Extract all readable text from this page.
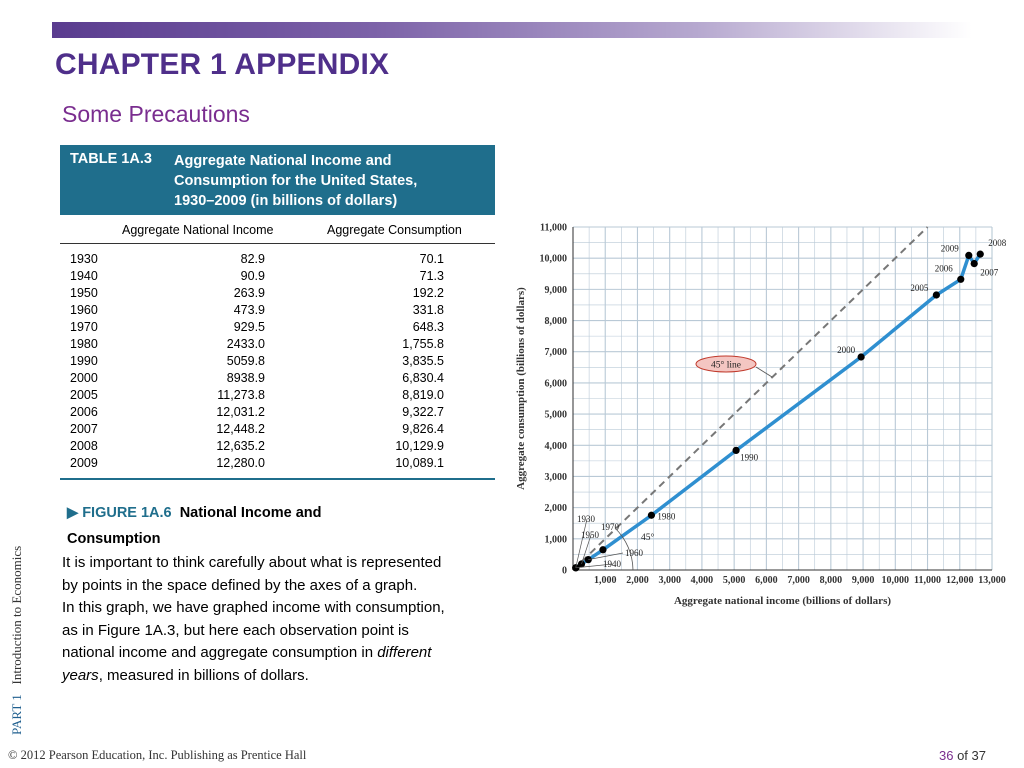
CHAPTER 1 APPENDIX
Some Precautions
TABLE 1A.3	Aggregate National Income and
Consumption for the United States,
1930–2009 (in billions of dollars)
Aggregate National Income	Aggregate Consumption
1930	82.9	70.1
1940	90.9	71.3
1950	263.9	192.2
1960	473.9	331.8
1970	929.5	648.3
1980	2433.0	1,755.8
1990	5059.8	3,835.5
2000	8938.9	6,830.4
2005	11,273.8	8,819.0
2006	12,031.2	9,322.7
2007	12,448.2	9,826.4
2008	12,635.2	10,129.9
2009	12,280.0	10,089.1
1970
1980
1990
2000
2005
2006	2007
2008
2009
1930
1950
1960
1940
1,000 2,000 3,000 4,000 5,000 6,000 7,000 8,000 9,000 10,000 11,000 12,000 13,000
0
1,000
2,000
3,000
4,000
5,000
6,000
7,000
8,000
9,000
10,000
11,000
Aggregate national income (billions of dollars)
Aggregate consumption (billions of dollars)	45° line
45°
▶ FIGURE 1A.6 National Income and Consumption

It is important to think carefully about what is represented by points in the space defined by the axes of a graph.

In this graph, we have graphed income with consumption, as in Figure 1A.3, but here each observation point is national income and aggregate consumption in different years, measured in billions of dollars.

PART 1   Introduction to Economics
© 2012 Pearson Education, Inc. Publishing as Prentice Hall	36 of 37
